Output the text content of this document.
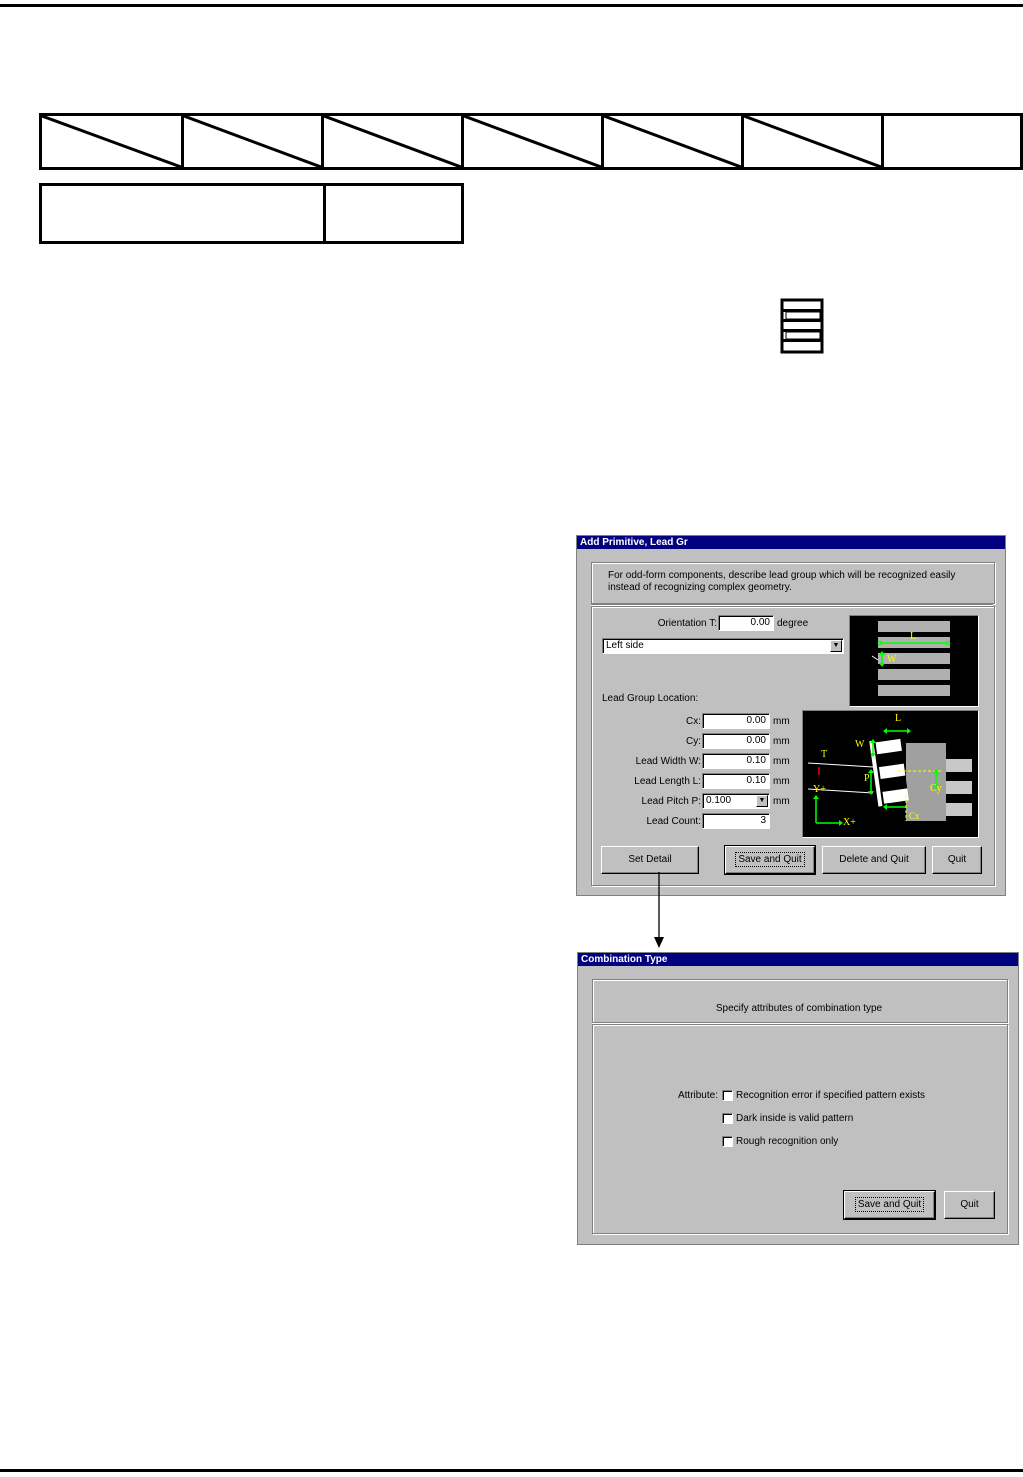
Add Primitive, Lead Gr
For odd-form components, describe lead group which will be recognized easily instead of recognizing complex geometry.
Orientation T:	0.00 degree
Left side	▼
Lead Group Location:
Cx:	0.00 mm
Cy:	0.00 mm
Lead Width W:	0.10 mm
Lead Length L:	0.10 mm
Lead Pitch P: 0.100	▼ mm
Lead Count:	3
L
W
L
W
T
P
Cy
Cx
Y+
X+
Set Detail	Save and Quit	Delete and Quit	Quit
Combination Type
Specify attributes of combination type
Attribute: Recognition error if specified pattern exists
Dark inside is valid pattern
Rough recognition only
Save and Quit	Quit
